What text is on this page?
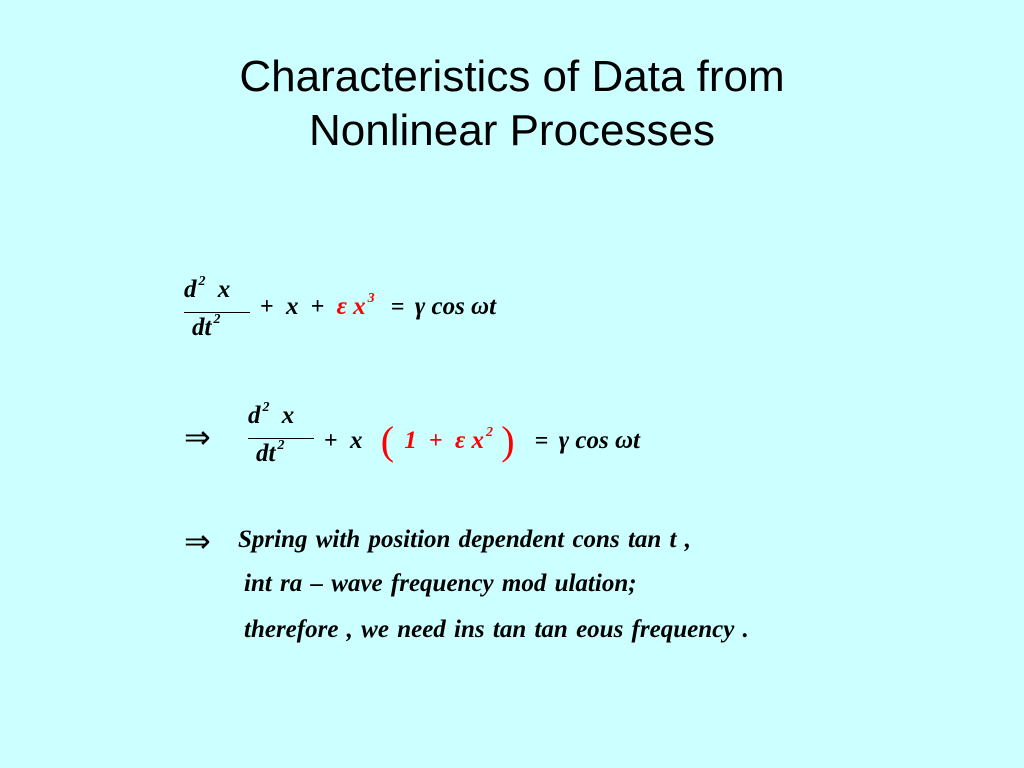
Characteristics of Data from
Nonlinear Processes
d $^2$ x
dt $^2$ + x + ε x $^3$ = γ cos ωt
⇒
d $^2$ x
dt $^2$ + x ( 1 + ε x $^2$ ) = γ cos ωt
⇒ Spring with position dependent cons tan t ,
int ra – wave frequency mod ulation;
therefore , we need ins tan tan eous frequency .
